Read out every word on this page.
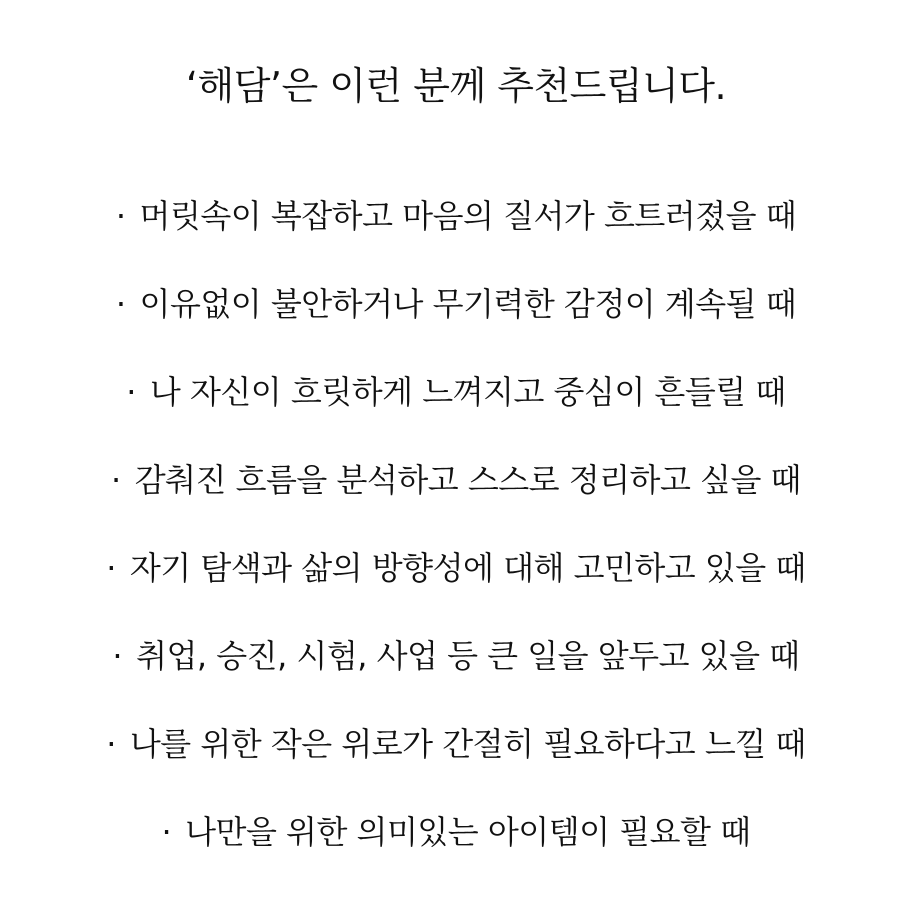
‘해담’은 이런 분께 추천드립니다.
· 머릿속이 복잡하고 마음의 질서가 흐트러졌을 때
· 이유없이 불안하거나 무기력한 감정이 계속될 때
· 나 자신이 흐릿하게 느껴지고 중심이 흔들릴 때
· 감춰진 흐름을 분석하고 스스로 정리하고 싶을 때
· 자기 탐색과 삶의 방향성에 대해 고민하고 있을 때
· 취업, 승진, 시험, 사업 등 큰 일을 앞두고 있을 때
· 나를 위한 작은 위로가 간절히 필요하다고 느낄 때
· 나만을 위한 의미있는 아이템이 필요할 때
